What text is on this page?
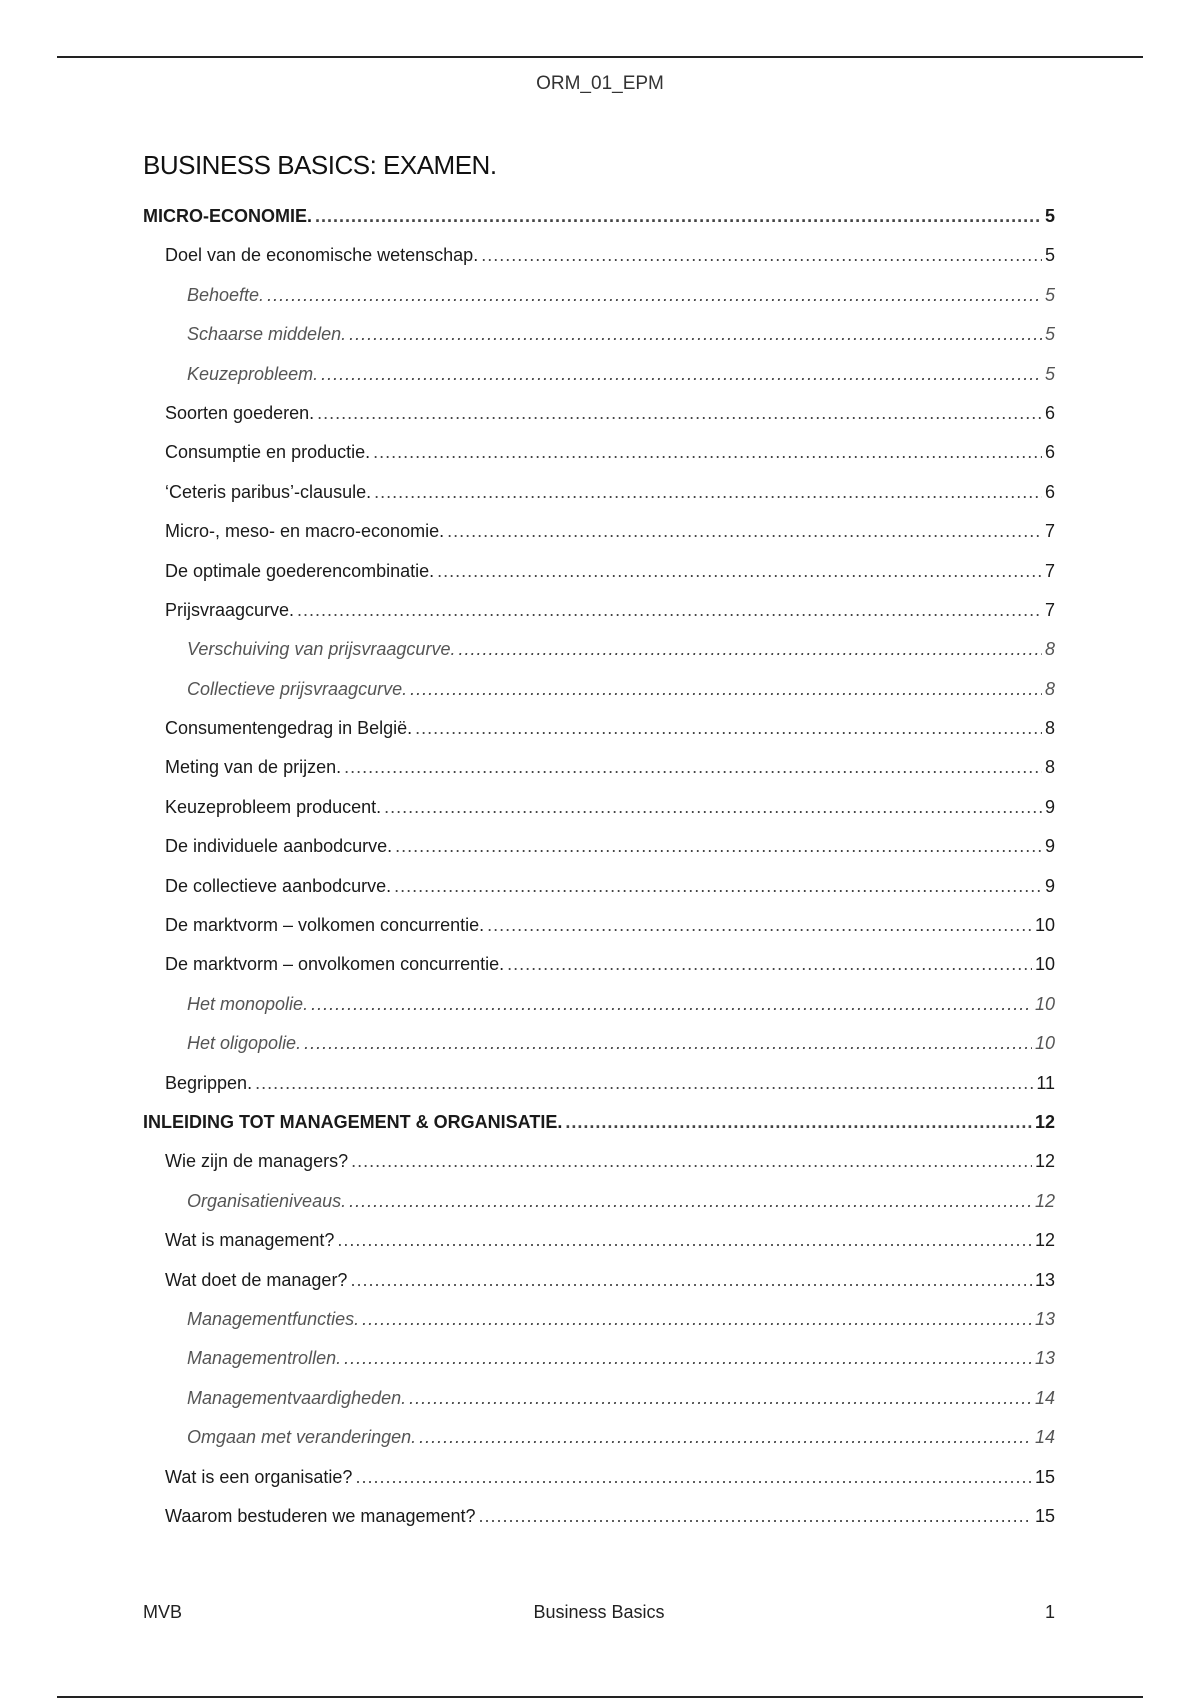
ORM_01_EPM
BUSINESS BASICS: EXAMEN.
MICRO-ECONOMIE. .....	5
Doel van de economische wetenschap. .....	5
Behoefte. .....	5
Schaarse middelen. .....	5
Keuzeprobleem. .....	5
Soorten goederen. .....	6
Consumptie en productie. .....	6
‘Ceteris paribus’-clausule. .....	6
Micro-, meso- en macro-economie. .....	7
De optimale goederencombinatie. .....	7
Prijsvraagcurve. .....	7
Verschuiving van prijsvraagcurve. .....	8
Collectieve prijsvraagcurve. .....	8
Consumentengedrag in België. .....	8
Meting van de prijzen. .....	8
Keuzeprobleem producent. .....	9
De individuele aanbodcurve. .....	9
De collectieve aanbodcurve. .....	9
De marktvorm – volkomen concurrentie. .....	10
De marktvorm – onvolkomen concurrentie. .....	10
Het monopolie. .....	10
Het oligopolie. .....	10
Begrippen. .....	11
INLEIDING TOT MANAGEMENT & ORGANISATIE. .....	12
Wie zijn de managers? .....	12
Organisatieniveaus. .....	12
Wat is management? .....	12
Wat doet de manager? .....	13
Managementfuncties. .....	13
Managementrollen. .....	13
Managementvaardigheden. .....	14
Omgaan met veranderingen. .....	14
Wat is een organisatie? .....	15
Waarom bestuderen we management? .....	15
MVB	Business Basics	1
